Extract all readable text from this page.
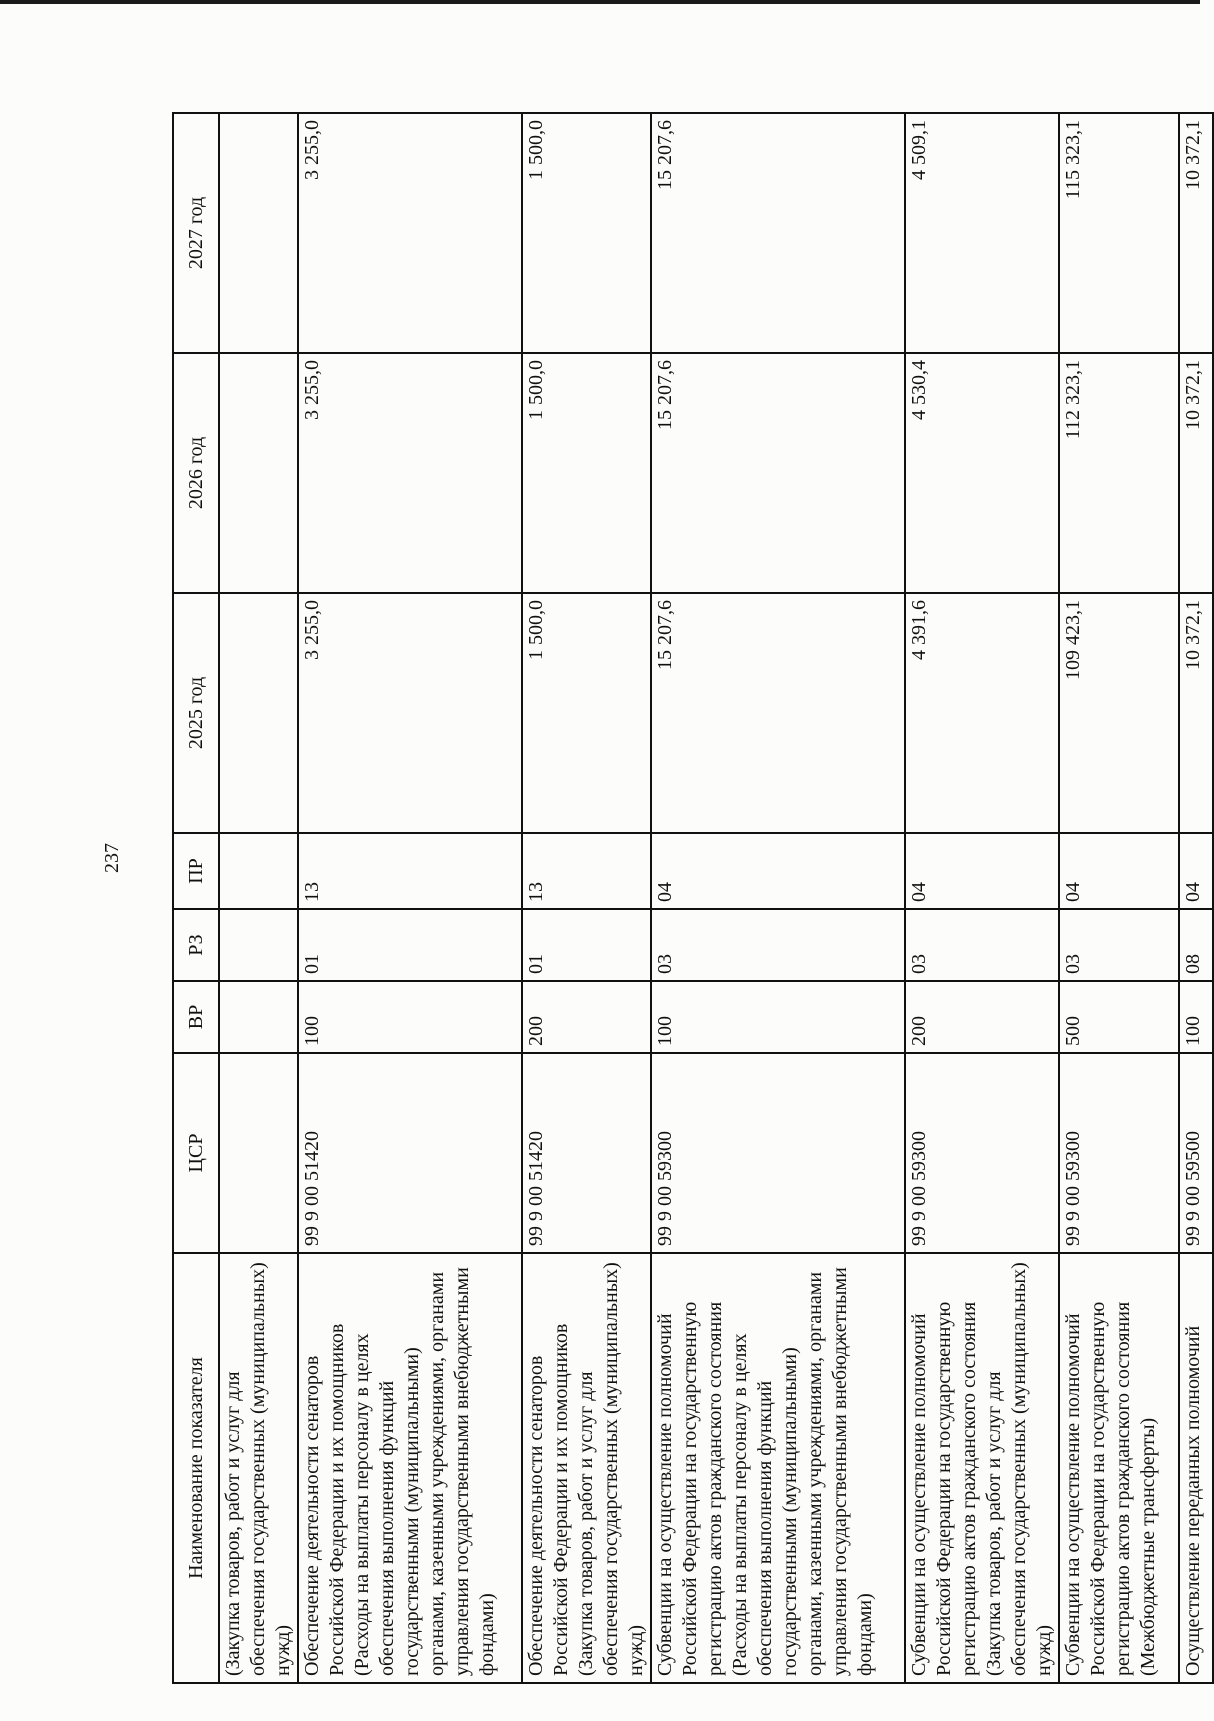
237
Наименование показателя	ЦСР	ВР	РЗ	ПР	2025 год	2026 год	2027 год
(Закупка товаров, работ и услуг для обеспечения государственных (муниципальных) нужд)							
Обеспечение деятельности сенаторов Российской Федерации и их помощников (Расходы на выплаты персоналу в целях обеспечения выполнения функций государственными (муниципальными) органами, казенными учреждениями, органами управления государственными внебюджетными фондами)	99 9 00 51420	100	01	13	3 255,0	3 255,0	3 255,0
Обеспечение деятельности сенаторов Российской Федерации и их помощников (Закупка товаров, работ и услуг для обеспечения государственных (муниципальных) нужд)	99 9 00 51420	200	01	13	1 500,0	1 500,0	1 500,0
Субвенции на осуществление полномочий Российской Федерации на государственную регистрацию актов гражданского состояния (Расходы на выплаты персоналу в целях обеспечения выполнения функций государственными (муниципальными) органами, казенными учреждениями, органами управления государственными внебюджетными фондами)	99 9 00 59300	100	03	04	15 207,6	15 207,6	15 207,6
Субвенции на осуществление полномочий Российской Федерации на государственную регистрацию актов гражданского состояния (Закупка товаров, работ и услуг для обеспечения государственных (муниципальных) нужд)	99 9 00 59300	200	03	04	4 391,6	4 530,4	4 509,1
Субвенции на осуществление полномочий Российской Федерации на государственную регистрацию актов гражданского состояния (Межбюджетные трансферты)	99 9 00 59300	500	03	04	109 423,1	112 323,1	115 323,1
Осуществление переданных полномочий	99 9 00 59500	100	08	04	10 372,1	10 372,1	10 372,1
